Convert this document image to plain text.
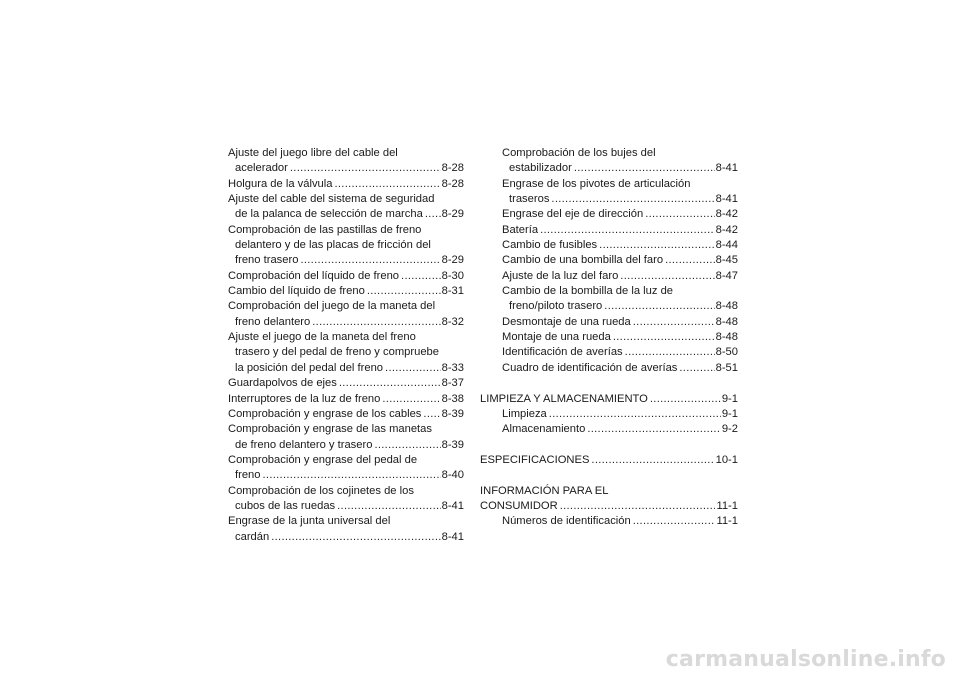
Ajuste del juego libre del cable del
acelerador .....	8-28
Holgura de la válvula .....	8-28
Ajuste del cable del sistema de seguridad
de la palanca de selección de marcha ..... 8-29
Comprobación de las pastillas de freno
delantero y de las placas de fricción del
freno trasero .....	8-29
Comprobación del líquido de freno .....	8-30
Cambio del líquido de freno .....	8-31
Comprobación del juego de la maneta del
freno delantero .....	8-32
Ajuste el juego de la maneta del freno
trasero y del pedal de freno y compruebe
la posición del pedal del freno .....	8-33
Guardapolvos de ejes .....	8-37
Interruptores de la luz de freno .....	8-38
Comprobación y engrase de los cables ..... 8-39
Comprobación y engrase de las manetas
de freno delantero y trasero .....	8-39
Comprobación y engrase del pedal de
freno .....	8-40
Comprobación de los cojinetes de los
cubos de las ruedas .....	8-41
Engrase de la junta universal del
cardán .....	8-41
Comprobación de los bujes del
estabilizador .....	8-41
Engrase de los pivotes de articulación
traseros .....	8-41
Engrase del eje de dirección .....	8-42
Batería .....	8-42
Cambio de fusibles .....	8-44
Cambio de una bombilla del faro .....	8-45
Ajuste de la luz del faro .....	8-47
Cambio de la bombilla de la luz de
freno/piloto trasero .....	8-48
Desmontaje de una rueda .....	8-48
Montaje de una rueda .....	8-48
Identificación de averías .....	8-50
Cuadro de identificación de averías .....	8-51
LIMPIEZA Y ALMACENAMIENTO .....	9-1
Limpieza .....	9-1
Almacenamiento .....	9-2
ESPECIFICACIONES .....	10-1
INFORMACIÓN PARA EL
CONSUMIDOR .....	11-1
Números de identificación .....	11-1
carmanualsonline.info
